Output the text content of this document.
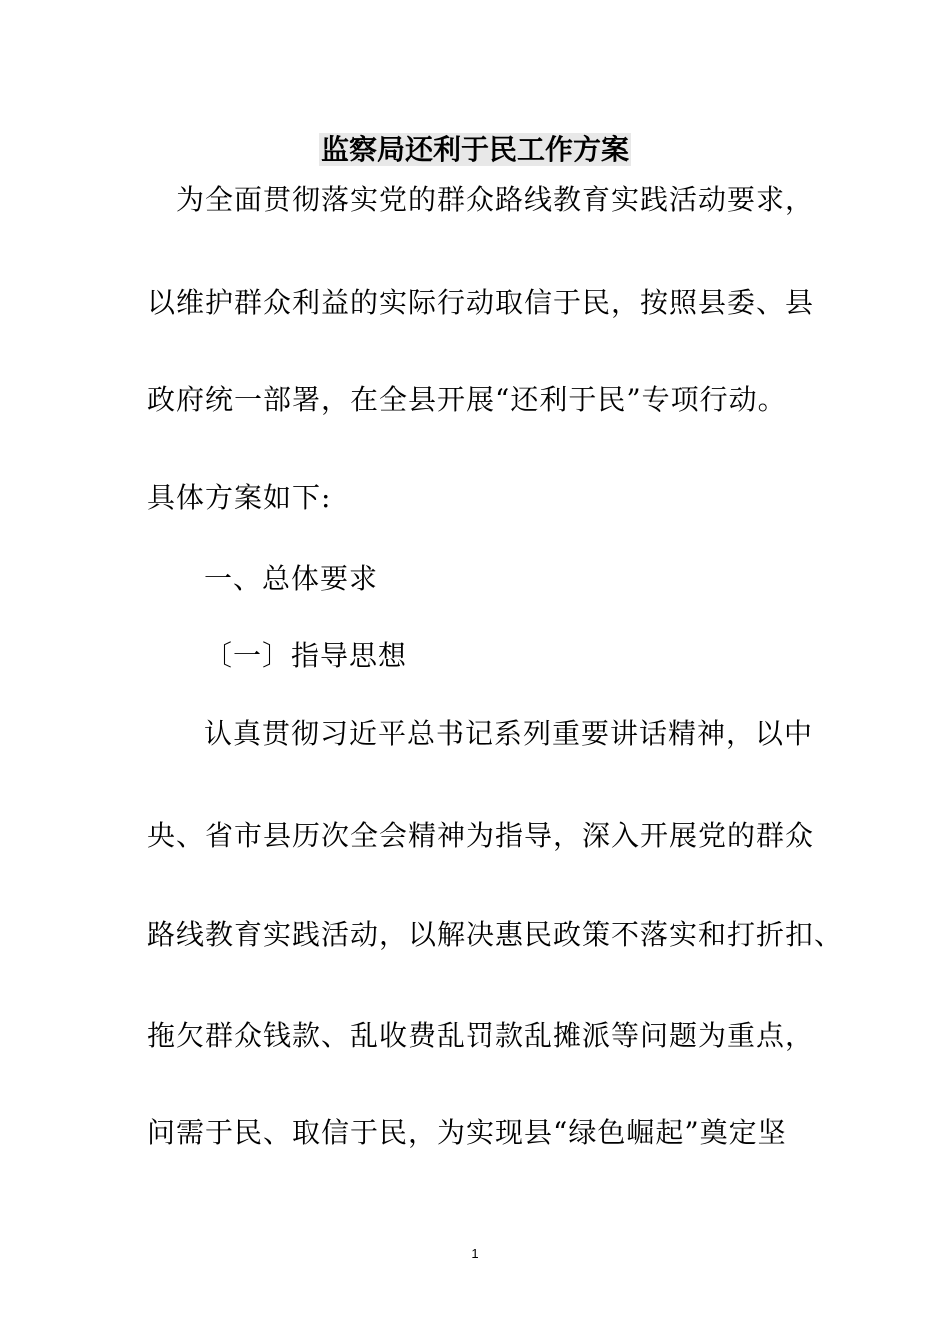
监察局还利于民工作方案
为全面贯彻落实党的群众路线教育实践活动要求，
以维护群众利益的实际行动取信于民，按照县委、县
政府统一部署，在全县开展“还利于民”专项行动。
具体方案如下:
一、总体要求
〔一〕指导思想
认真贯彻习近平总书记系列重要讲话精神，以中
央、省市县历次全会精神为指导，深入开展党的群众
路线教育实践活动，以解决惠民政策不落实和打折扣、
拖欠群众钱款、乱收费乱罚款乱摊派等问题为重点，
问需于民、取信于民，为实现县“绿色崛起”奠定坚
1
